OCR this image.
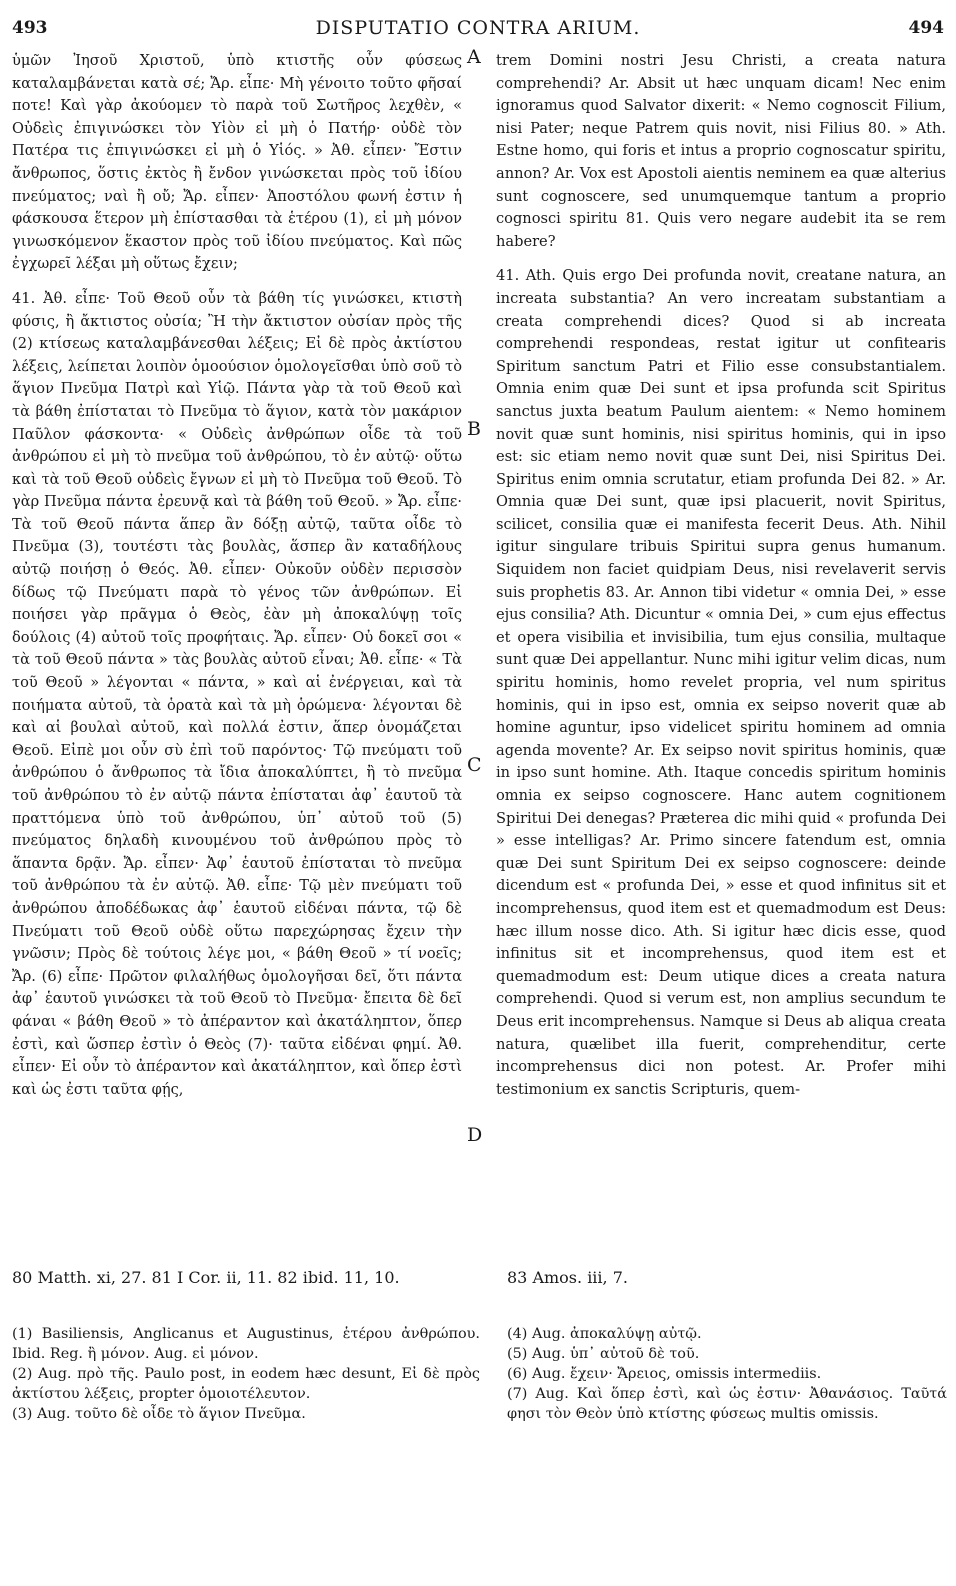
493	DISPUTATIO CONTRA ARIUM.	494

ὑμῶν Ἰησοῦ Χριστοῦ, ὑπὸ κτιστῆς οὖν φύσεως καταλαμβάνεται κατὰ σέ; Ἄρ. εἶπε· Μὴ γένοιτο τοῦτο φῆσαί ποτε! Καὶ γὰρ ἀκούομεν τὸ παρὰ τοῦ Σωτῆρος λεχθὲν, « Οὐδεὶς ἐπιγινώσκει τὸν Υἱὸν εἰ μὴ ὁ Πατήρ· οὐδὲ τὸν Πατέρα τις ἐπιγινώσκει εἰ μὴ ὁ Υἱός. » Ἀθ. εἶπεν· Ἔστιν ἄνθρωπος, ὅστις ἐκτὸς ἢ ἔνδον γινώσκεται πρὸς τοῦ ἰδίου πνεύματος; ναὶ ἢ οὔ; Ἄρ. εἶπεν· Ἀποστόλου φωνή ἐστιν ἡ φάσκουσα ἕτερον μὴ ἐπίστασθαι τὰ ἑτέρου (1), εἰ μὴ μόνον γινωσκόμενον ἕκαστον πρὸς τοῦ ἰδίου πνεύματος. Καὶ πῶς ἐγχωρεῖ λέξαι μὴ οὕτως ἔχειν;

41. Ἀθ. εἶπε· Τοῦ Θεοῦ οὖν τὰ βάθη τίς γινώσκει, κτιστὴ φύσις, ἢ ἄκτιστος οὐσία; Ἢ τὴν ἄκτιστον οὐσίαν πρὸς τῆς (2) κτίσεως καταλαμβάνεσθαι λέξεις; Εἰ δὲ πρὸς ἀκτίστου λέξεις, λείπεται λοιπὸν ὁμοούσιον ὁμολογεῖσθαι ὑπὸ σοῦ τὸ ἅγιον Πνεῦμα Πατρὶ καὶ Υἱῷ. Πάντα γὰρ τὰ τοῦ Θεοῦ καὶ τὰ βάθη ἐπίσταται τὸ Πνεῦμα τὸ ἅγιον, κατὰ τὸν μακάριον Παῦλον φάσκοντα· « Οὐδεὶς ἀνθρώπων οἶδε τὰ τοῦ ἀνθρώπου εἰ μὴ τὸ πνεῦμα τοῦ ἀνθρώπου, τὸ ἐν αὐτῷ· οὕτω καὶ τὰ τοῦ Θεοῦ οὐδεὶς ἔγνων εἰ μὴ τὸ Πνεῦμα τοῦ Θεοῦ. Τὸ γὰρ Πνεῦμα πάντα ἐρευνᾷ καὶ τὰ βάθη τοῦ Θεοῦ. » Ἄρ. εἶπε· Τὰ τοῦ Θεοῦ πάντα ἅπερ ἂν δόξῃ αὐτῷ, ταῦτα οἶδε τὸ Πνεῦμα (3), τουτέστι τὰς βουλὰς, ἅσπερ ἂν καταδήλους αὐτῷ ποιήσῃ ὁ Θεός. Ἀθ. εἶπεν· Οὐκοῦν οὐδὲν περισσὸν δίδως τῷ Πνεύματι παρὰ τὸ γένος τῶν ἀνθρώπων. Εἰ ποιήσει γὰρ πρᾶγμα ὁ Θεὸς, ἐὰν μὴ ἀποκαλύψῃ τοῖς δούλοις (4) αὐτοῦ τοῖς προφήταις. Ἄρ. εἶπεν· Οὐ δοκεῖ σοι « τὰ τοῦ Θεοῦ πάντα » τὰς βουλὰς αὐτοῦ εἶναι; Ἀθ. εἶπε· « Τὰ τοῦ Θεοῦ » λέγονται « πάντα, » καὶ αἱ ἐνέργειαι, καὶ τὰ ποιήματα αὐτοῦ, τὰ ὁρατὰ καὶ τὰ μὴ ὁρώμενα· λέγονται δὲ καὶ αἱ βουλαὶ αὐτοῦ, καὶ πολλά ἐστιν, ἅπερ ὀνομάζεται Θεοῦ. Εἰπὲ μοι οὖν σὺ ἐπὶ τοῦ παρόντος· Τῷ πνεύματι τοῦ ἀνθρώπου ὁ ἄνθρωπος τὰ ἴδια ἀποκαλύπτει, ἢ τὸ πνεῦμα τοῦ ἀνθρώπου τὸ ἐν αὐτῷ πάντα ἐπίσταται ἀφ᾽ ἑαυτοῦ τὰ πραττόμενα ὑπὸ τοῦ ἀνθρώπου, ὑπ᾽ αὐτοῦ τοῦ (5) πνεύματος δηλαδὴ κινουμένου τοῦ ἀνθρώπου πρὸς τὸ ἅπαντα δρᾷν. Ἄρ. εἶπεν· Ἀφ᾽ ἑαυτοῦ ἐπίσταται τὸ πνεῦμα τοῦ ἀνθρώπου τὰ ἐν αὐτῷ. Ἀθ. εἶπε· Τῷ μὲν πνεύματι τοῦ ἀνθρώπου ἀποδέδωκας ἀφ᾽ ἑαυτοῦ εἰδέναι πάντα, τῷ δὲ Πνεύματι τοῦ Θεοῦ οὐδὲ οὕτω παρεχώρησας ἔχειν τὴν γνῶσιν; Πρὸς δὲ τούτοις λέγε μοι, « βάθη Θεοῦ » τί νοεῖς; Ἄρ. (6) εἶπε· Πρῶτον φιλαλήθως ὁμολογῆσαι δεῖ, ὅτι πάντα ἀφ᾽ ἑαυτοῦ γινώσκει τὰ τοῦ Θεοῦ τὸ Πνεῦμα· ἔπειτα δὲ δεῖ φάναι « βάθη Θεοῦ » τὸ ἀπέραντον καὶ ἀκατάληπτον, ὅπερ ἐστὶ, καὶ ὥσπερ ἐστὶν ὁ Θεὸς (7)· ταῦτα εἰδέναι φημί. Ἀθ. εἶπεν· Εἰ οὖν τὸ ἀπέραντον καὶ ἀκατάληπτον, καὶ ὅπερ ἐστὶ καὶ ὡς ἐστι ταῦτα φῄς,

A
B
C
D

trem Domini nostri Jesu Christi, a creata natura comprehendi? Ar. Absit ut hæc unquam dicam! Nec enim ignoramus quod Salvator dixerit: « Nemo cognoscit Filium, nisi Pater; neque Patrem quis novit, nisi Filius 80. » Ath. Estne homo, qui foris et intus a proprio cognoscatur spiritu, annon? Ar. Vox est Apostoli aientis neminem ea quæ alterius sunt cognoscere, sed unumquemque tantum a proprio cognosci spiritu 81. Quis vero negare audebit ita se rem habere?

41. Ath. Quis ergo Dei profunda novit, creatane natura, an increata substantia? An vero increatam substantiam a creata comprehendi dices? Quod si ab increata comprehendi respondeas, restat igitur ut confitearis Spiritum sanctum Patri et Filio esse consubstantialem. Omnia enim quæ Dei sunt et ipsa profunda scit Spiritus sanctus juxta beatum Paulum aientem: « Nemo hominem novit quæ sunt hominis, nisi spiritus hominis, qui in ipso est: sic etiam nemo novit quæ sunt Dei, nisi Spiritus Dei. Spiritus enim omnia scrutatur, etiam profunda Dei 82. » Ar. Omnia quæ Dei sunt, quæ ipsi placuerit, novit Spiritus, scilicet, consilia quæ ei manifesta fecerit Deus. Ath. Nihil igitur singulare tribuis Spiritui supra genus humanum. Siquidem non faciet quidpiam Deus, nisi revelaverit servis suis prophetis 83. Ar. Annon tibi videtur « omnia Dei, » esse ejus consilia? Ath. Dicuntur « omnia Dei, » cum ejus effectus et opera visibilia et invisibilia, tum ejus consilia, multaque sunt quæ Dei appellantur. Nunc mihi igitur velim dicas, num spiritu hominis, homo revelet propria, vel num spiritus hominis, qui in ipso est, omnia ex seipso noverit quæ ab homine aguntur, ipso videlicet spiritu hominem ad omnia agenda movente? Ar. Ex seipso novit spiritus hominis, quæ in ipso sunt homine. Ath. Itaque concedis spiritum hominis omnia ex seipso cognoscere. Hanc autem cognitionem Spiritui Dei denegas? Præterea dic mihi quid « profunda Dei » esse intelligas? Ar. Primo sincere fatendum est, omnia quæ Dei sunt Spiritum Dei ex seipso cognoscere: deinde dicendum est « profunda Dei, » esse et quod infinitus sit et incomprehensus, quod item est et quemadmodum est Deus: hæc illum nosse dico. Ath. Si igitur hæc dicis esse, quod infinitus sit et incomprehensus, quod item est et quemadmodum est: Deum utique dices a creata natura comprehendi. Quod si verum est, non amplius secundum te Deus erit incomprehensus. Namque si Deus ab aliqua creata natura, quælibet illa fuerit, comprehenditur, certe incomprehensus dici non potest. Ar. Profer mihi testimonium ex sanctis Scripturis, quem-

80 Matth. xi, 27. 81 I Cor. ii, 11. 82 ibid. 11, 10.	83 Amos. iii, 7.
(1) Basiliensis, Anglicanus et Augustinus, ἑτέρου ἀνθρώπου. Ibid. Reg. ἢ μόνον. Aug. εἰ μόνον.
(2) Aug. πρὸ τῆς. Paulo post, in eodem hæc desunt, Εἰ δὲ πρὸς ἀκτίστου λέξεις, propter ὁμοιοτέλευτον.
(3) Aug. τοῦτο δὲ οἶδε τὸ ἅγιον Πνεῦμα.
(4) Aug. ἀποκαλύψῃ αὐτῷ.
(5) Aug. ὑπ᾽ αὐτοῦ δὲ τοῦ.
(6) Aug. ἔχειν· Ἄρειος, omissis intermediis.
(7) Aug. Καὶ ὅπερ ἐστὶ, καὶ ὡς ἐστιν· Ἀθανάσιος. Ταῦτά φησι τὸν Θεὸν ὑπὸ κτίστης φύσεως multis omissis.
